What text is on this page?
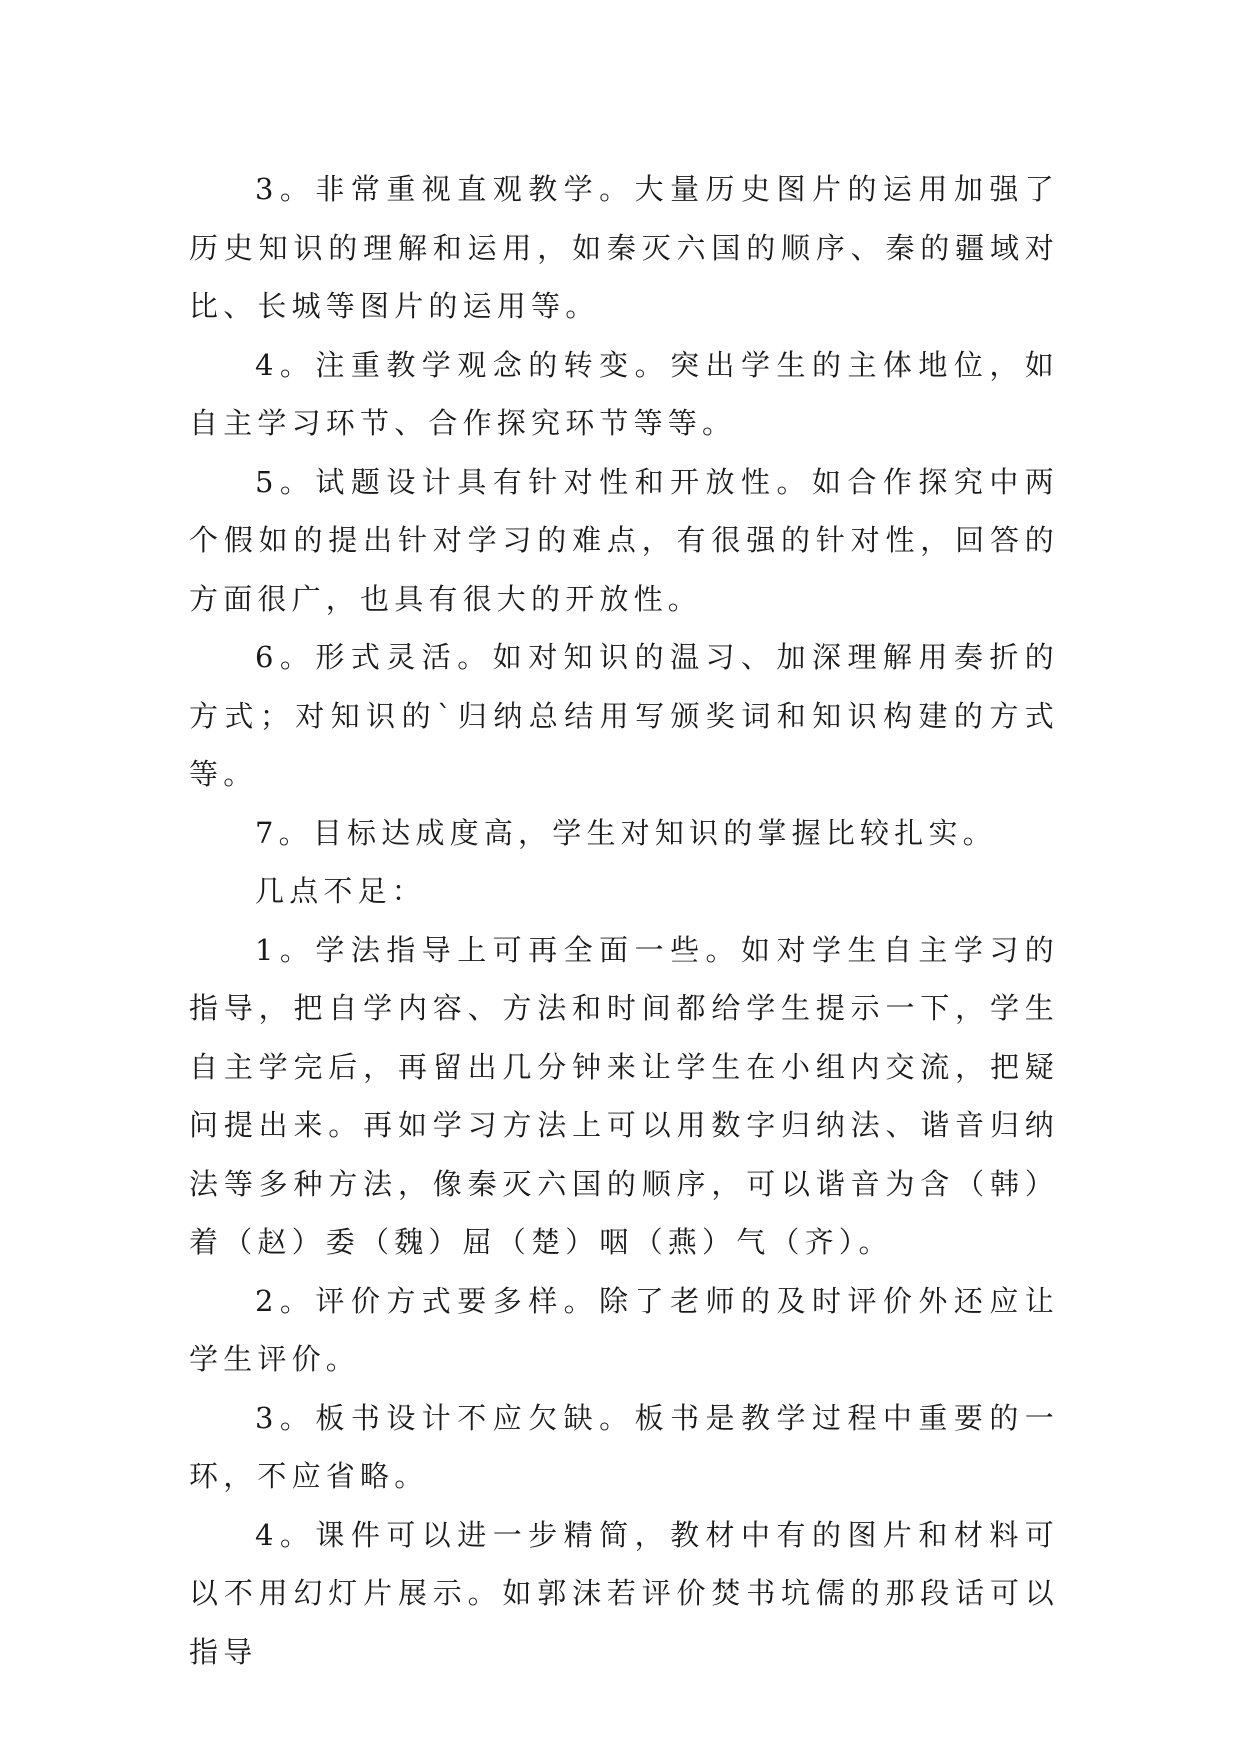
3。非常重视直观教学。大量历史图片的运用加强了历史知识的理解和运用，如秦灭六国的顺序、秦的疆域对比、长城等图片的运用等。

4。注重教学观念的转变。突出学生的主体地位，如自主学习环节、合作探究环节等等。

5。试题设计具有针对性和开放性。如合作探究中两个假如的提出针对学习的难点，有很强的针对性，回答的方面很广，也具有很大的开放性。

6。形式灵活。如对知识的温习、加深理解用奏折的方式；对知识的`归纳总结用写颁奖词和知识构建的方式等。

7。目标达成度高，学生对知识的掌握比较扎实。

几点不足：

1。学法指导上可再全面一些。如对学生自主学习的指导，把自学内容、方法和时间都给学生提示一下，学生自主学完后，再留出几分钟来让学生在小组内交流，把疑问提出来。再如学习方法上可以用数字归纳法、谐音归纳法等多种方法，像秦灭六国的顺序，可以谐音为含（韩）着（赵）委（魏）屈（楚）咽（燕）气（齐）。

2。评价方式要多样。除了老师的及时评价外还应让学生评价。

3。板书设计不应欠缺。板书是教学过程中重要的一环，不应省略。

4。课件可以进一步精简，教材中有的图片和材料可以不用幻灯片展示。如郭沫若评价焚书坑儒的那段话可以指导
